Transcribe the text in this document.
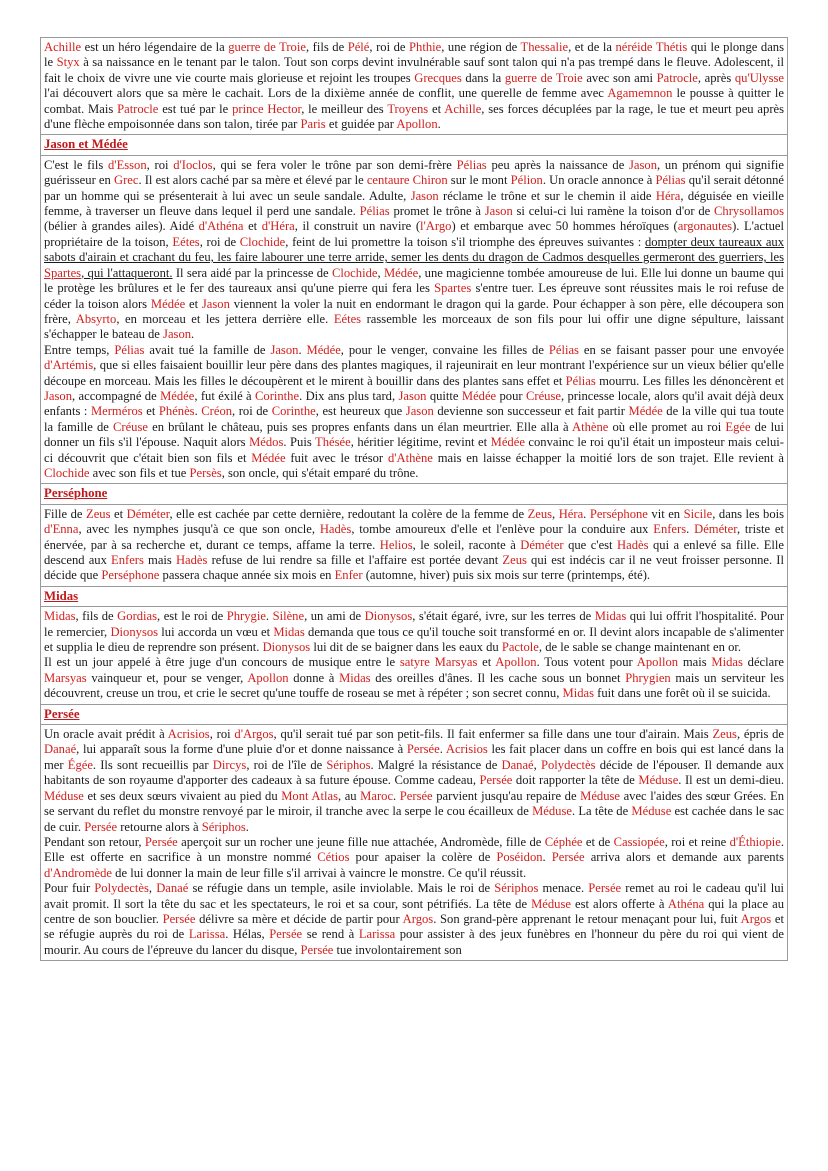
Achille est un héro légendaire de la guerre de Troie, fils de Pélé, roi de Phthie, une région de Thessalie, et de la néréide Thétis qui le plonge dans le Styx à sa naissance en le tenant par le talon. Tout son corps devint invulnérable sauf sont talon qui n'a pas trempé dans le fleuve. Adolescent, il fait le choix de vivre une vie courte mais glorieuse et rejoint les troupes Grecques dans la guerre de Troie avec son ami Patrocle, après qu'Ulysse l'ai découvert alors que sa mère le cachait. Lors de la dixième année de conflit, une querelle de femme avec Agamemnon le pousse à quitter le combat. Mais Patrocle est tué par le prince Hector, le meilleur des Troyens et Achille, ses forces décuplées par la rage, le tue et meurt peu après d'une flèche empoisonnée dans son talon, tirée par Paris et guidée par Apollon.

Jason et Médée

C'est le fils d'Esson, roi d'Ioclos, qui se fera voler le trône par son demi-frère Pélias peu après la naissance de Jason, un prénom qui signifie guérisseur en Grec. Il est alors caché par sa mère et élevé par le centaure Chiron sur le mont Pélion. Un oracle annonce à Pélias qu'il serait détonné par un homme qui se présenterait à lui avec un seule sandale. Adulte, Jason réclame le trône et sur le chemin il aide Héra, déguisée en vieille femme, à traverser un fleuve dans lequel il perd une sandale. Pélias promet le trône à Jason si celui-ci lui ramène la toison d'or de Chrysollamos (bélier à grandes ailes). Aidé d'Athéna et d'Héra, il construit un navire (l'Argo) et embarque avec 50 hommes héroïques (argonautes). L'actuel propriétaire de la toison, Eétes, roi de Clochide, feint de lui promettre la toison s'il triomphe des épreuves suivantes : dompter deux taureaux aux sabots d'airain et crachant du feu, les faire labourer une terre arride, semer les dents du dragon de Cadmos desquelles germeront des guerriers, les Spartes, qui l'attaqueront. Il sera aidé par la princesse de Clochide, Médée, une magicienne tombée amoureuse de lui. Elle lui donne un baume qui le protège les brûlures et le fer des taureaux ansi qu'une pierre qui fera les Spartes s'entre tuer. Les épreuve sont réussites mais le roi refuse de céder la toison alors Médée et Jason viennent la voler la nuit en endormant le dragon qui la garde. Pour échapper à son père, elle découpera son frère, Absyrto, en morceau et les jettera derrière elle. Eétes rassemble les morceaux de son fils pour lui offir une digne sépulture, laissant s'échapper le bateau de Jason.

Entre temps, Pélias avait tué la famille de Jason. Médée, pour le venger, convaine les filles de Pélias en se faisant passer pour une envoyée d'Artémis, que si elles faisaient bouillir leur père dans des plantes magiques, il rajeunirait en leur montrant l'expérience sur un vieux bélier qu'elle découpe en morceau. Mais les filles le découpèrent et le mirent à bouillir dans des plantes sans effet et Pélias mourru. Les filles les dénoncèrent et Jason, accompagné de Médée, fut éxilé à Corinthe. Dix ans plus tard, Jason quitte Médée pour Créuse, princesse locale, alors qu'il avait déjà deux enfants : Merméros et Phénès. Créon, roi de Corinthe, est heureux que Jason devienne son successeur et fait partir Médée de la ville qui tua toute la famille de Créuse en brûlant le château, puis ses propres enfants dans un élan meurtrier. Elle alla à Athène où elle promet au roi Egée de lui donner un fils s'il l'épouse. Naquit alors Médos. Puis Thésée, héritier légitime, revint et Médée convainc le roi qu'il était un imposteur mais celui-ci découvrit que c'était bien son fils et Médée fuit avec le trésor d'Athène mais en laisse échapper la moitié lors de son trajet. Elle revient à Clochide avec son fils et tue Persès, son oncle, qui s'était emparé du trône.

Perséphone

Fille de Zeus et Déméter, elle est cachée par cette dernière, redoutant la colère de la femme de Zeus, Héra. Perséphone vit en Sicile, dans les bois d'Enna, avec les nymphes jusqu'à ce que son oncle, Hadès, tombe amoureux d'elle et l'enlève pour la conduire aux Enfers. Déméter, triste et énervée, par à sa recherche et, durant ce temps, affame la terre. Helios, le soleil, raconte à Déméter que c'est Hadès qui a enlevé sa fille. Elle descend aux Enfers mais Hadès refuse de lui rendre sa fille et l'affaire est portée devant Zeus qui est indécis car il ne veut froisser personne. Il décide que Perséphone passera chaque année six mois en Enfer (automne, hiver) puis six mois sur terre (printemps, été).

Midas

Midas, fils de Gordias, est le roi de Phrygie. Silène, un ami de Dionysos, s'était égaré, ivre, sur les terres de Midas qui lui offrit l'hospitalité. Pour le remercier, Dionysos lui accorda un vœu et Midas demanda que tous ce qu'il touche soit transformé en or. Il devint alors incapable de s'alimenter et supplia le dieu de reprendre son présent. Dionysos lui dit de se baigner dans les eaux du Pactole, de le sable se change maintenant en or.

Il est un jour appelé à être juge d'un concours de musique entre le satyre Marsyas et Apollon. Tous votent pour Apollon mais Midas déclare Marsyas vainqueur et, pour se venger, Apollon donne à Midas des oreilles d'ânes. Il les cache sous un bonnet Phrygien mais un serviteur les découvrent, creuse un trou, et crie le secret qu'une touffe de roseau se met à répéter ; son secret connu, Midas fuit dans une forêt où il se suicida.

Persée

Un oracle avait prédit à Acrisios, roi d'Argos, qu'il serait tué par son petit-fils. Il fait enfermer sa fille dans une tour d'airain. Mais Zeus, épris de Danaé, lui apparaît sous la forme d'une pluie d'or et donne naissance à Persée. Acrisios les fait placer dans un coffre en bois qui est lancé dans la mer Égée. Ils sont recueillis par Dircys, roi de l'île de Sériphos. Malgré la résistance de Danaé, Polydectès décide de l'épouser. Il demande aux habitants de son royaume d'apporter des cadeaux à sa future épouse. Comme cadeau, Persée doit rapporter la tête de Méduse. Il est un demi-dieu. Méduse et ses deux sœurs vivaient au pied du Mont Atlas, au Maroc. Persée parvient jusqu'au repaire de Méduse avec l'aides des sœur Grées. En se servant du reflet du monstre renvoyé par le miroir, il tranche avec la serpe le cou écailleux de Méduse. La tête de Méduse est cachée dans le sac de cuir. Persée retourne alors à Sériphos.

Pendant son retour, Persée aperçoit sur un rocher une jeune fille nue attachée, Andromède, fille de Céphée et de Cassiopée, roi et reine d'Éthiopie. Elle est offerte en sacrifice à un monstre nommé Cétios pour apaiser la colère de Poséidon. Persée arriva alors et demande aux parents d'Andromède de lui donner la main de leur fille s'il arrivai à vaincre le monstre. Ce qu'il réussit.

Pour fuir Polydectès, Danaé se réfugie dans un temple, asile inviolable. Mais le roi de Sériphos menace. Persée remet au roi le cadeau qu'il lui avait promit. Il sort la tête du sac et les spectateurs, le roi et sa cour, sont pétrifiés. La tête de Méduse est alors offerte à Athéna qui la place au centre de son bouclier. Persée délivre sa mère et décide de partir pour Argos. Son grand-père apprenant le retour menaçant pour lui, fuit Argos et se réfugie auprès du roi de Larissa. Hélas, Persée se rend à Larissa pour assister à des jeux funèbres en l'honneur du père du roi qui vient de mourir. Au cours de l'épreuve du lancer du disque, Persée tue involontairement son
